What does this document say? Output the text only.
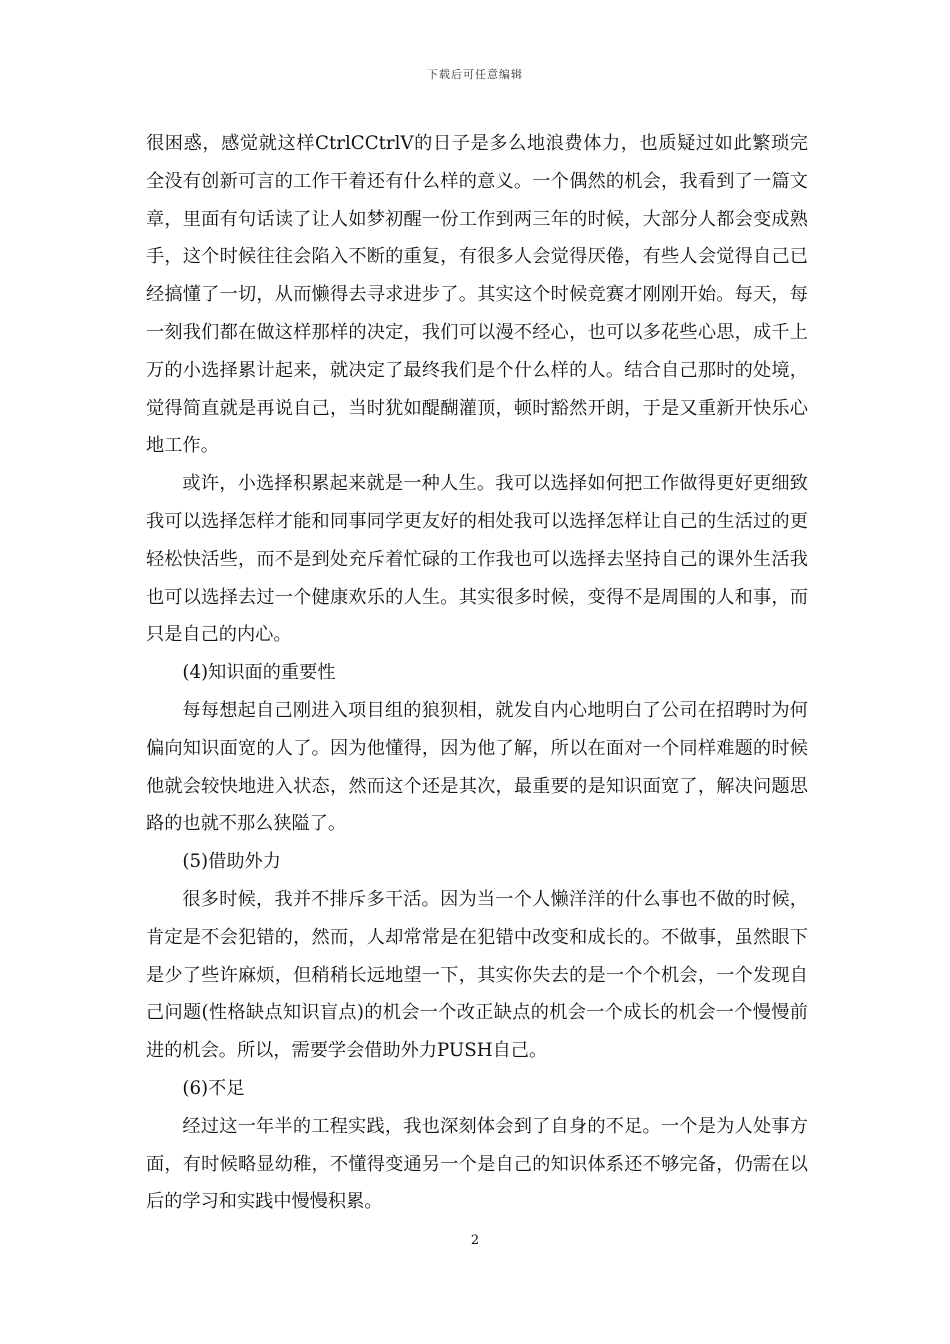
下载后可任意编辑

很困惑，感觉就这样CtrlCCtrlV的日子是多么地浪费体力，也质疑过如此繁琐完全没有创新可言的工作干着还有什么样的意义。一个偶然的机会，我看到了一篇文章，里面有句话读了让人如梦初醒一份工作到两三年的时候，大部分人都会变成熟手，这个时候往往会陷入不断的重复，有很多人会觉得厌倦，有些人会觉得自己已经搞懂了一切，从而懒得去寻求进步了。其实这个时候竞赛才刚刚开始。每天，每一刻我们都在做这样那样的决定，我们可以漫不经心，也可以多花些心思，成千上万的小选择累计起来，就决定了最终我们是个什么样的人。结合自己那时的处境，觉得简直就是再说自己，当时犹如醍醐灌顶，顿时豁然开朗，于是又重新开快乐心地工作。

或许，小选择积累起来就是一种人生。我可以选择如何把工作做得更好更细致我可以选择怎样才能和同事同学更友好的相处我可以选择怎样让自己的生活过的更轻松快活些，而不是到处充斥着忙碌的工作我也可以选择去坚持自己的课外生活我也可以选择去过一个健康欢乐的人生。其实很多时候，变得不是周围的人和事，而只是自己的内心。

(4)知识面的重要性

每每想起自己刚进入项目组的狼狈相，就发自内心地明白了公司在招聘时为何偏向知识面宽的人了。因为他懂得，因为他了解，所以在面对一个同样难题的时候他就会较快地进入状态，然而这个还是其次，最重要的是知识面宽了，解决问题思路的也就不那么狭隘了。

(5)借助外力

很多时候，我并不排斥多干活。因为当一个人懒洋洋的什么事也不做的时候，肯定是不会犯错的，然而，人却常常是在犯错中改变和成长的。不做事，虽然眼下是少了些许麻烦，但稍稍长远地望一下，其实你失去的是一个个机会，一个发现自己问题(性格缺点知识盲点)的机会一个改正缺点的机会一个成长的机会一个慢慢前进的机会。所以，需要学会借助外力PUSH自己。

(6)不足

经过这一年半的工程实践，我也深刻体会到了自身的不足。一个是为人处事方面，有时候略显幼稚，不懂得变通另一个是自己的知识体系还不够完备，仍需在以后的学习和实践中慢慢积累。

2
